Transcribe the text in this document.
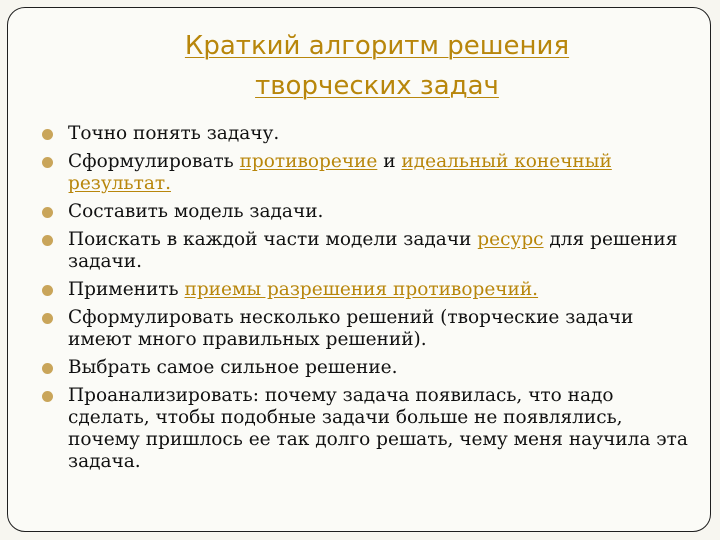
Краткий алгоритм решения
творческих задач
Точно понять задачу.
Сформулировать противоречие и идеальный конечный результат.
Составить модель задачи.
Поискать в каждой части модели задачи ресурс для решения задачи.
Применить приемы разрешения противоречий.
Сформулировать несколько решений (творческие задачи имеют много правильных решений).
Выбрать самое сильное решение.
Проанализировать: почему задача появилась, что надо сделать, чтобы подобные задачи больше не появлялись, почему пришлось ее так долго решать, чему меня научила эта задача.
